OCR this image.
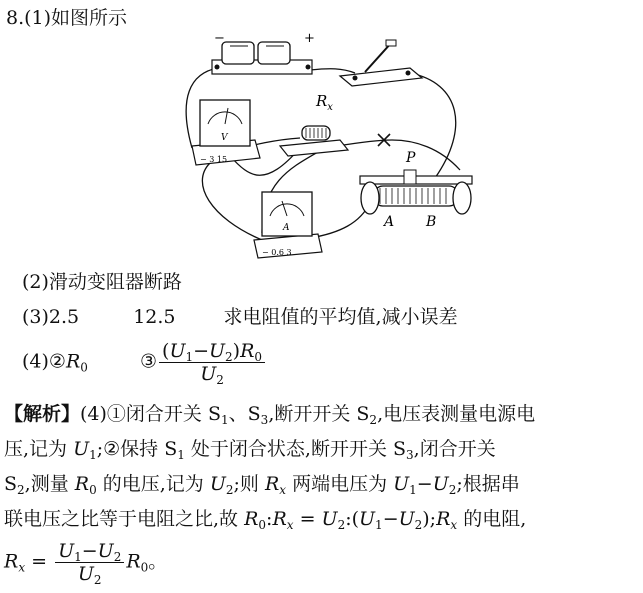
8.(1)如图所示
−	+
V
− 3 15
$R_x$
P
A B
A
− 0.6 3
(2)滑动变阻器断路
(3)2.5	12.5	求电阻值的平均值,减小误差
$(4)②R_0$	③ $\frac{(U_1-U_2)R_0}{U_2}$
【解析】(4)①闭合开关 $S_1$、$S_3$,断开开关 $S_2$,电压表测量电源电
压,记为 $U_1;②$保持 $S_1$ 处于闭合状态,断开开关 $S_3$,闭合开关
$S_2$,测量 $R_0$ 的电压,记为 $U_2$;则 $R_x$ 两端电压为 $U_1-U_2$;根据串
联电压之比等于电阻之比,故 $R_0:R_x$ = $U_2:(U_1-U_2);R_x$ 的电阻,
$R_x = \frac{U_1-U_2}{U_2} R_0$。
